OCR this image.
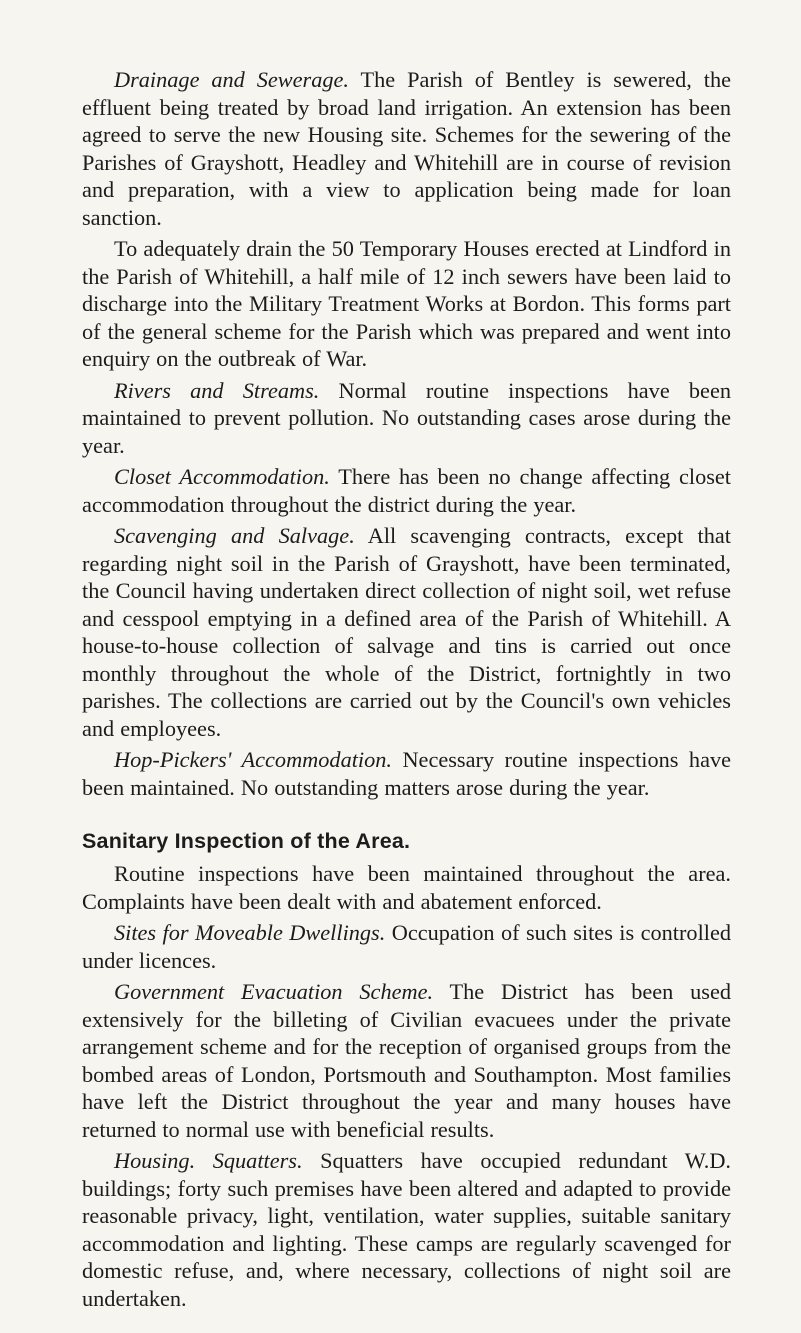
Drainage and Sewerage. The Parish of Bentley is sewered, the effluent being treated by broad land irrigation. An extension has been agreed to serve the new Housing site. Schemes for the sewering of the Parishes of Grayshott, Headley and Whitehill are in course of revision and preparation, with a view to application being made for loan sanction.

To adequately drain the 50 Temporary Houses erected at Lindford in the Parish of Whitehill, a half mile of 12 inch sewers have been laid to discharge into the Military Treatment Works at Bordon. This forms part of the general scheme for the Parish which was prepared and went into enquiry on the outbreak of War.

Rivers and Streams. Normal routine inspections have been maintained to prevent pollution. No outstanding cases arose during the year.

Closet Accommodation. There has been no change affecting closet accommodation throughout the district during the year.

Scavenging and Salvage. All scavenging contracts, except that regarding night soil in the Parish of Grayshott, have been terminated, the Council having undertaken direct collection of night soil, wet refuse and cesspool emptying in a defined area of the Parish of Whitehill. A house-to-house collection of salvage and tins is carried out once monthly throughout the whole of the District, fortnightly in two parishes. The collections are carried out by the Council's own vehicles and employees.

Hop-Pickers' Accommodation. Necessary routine inspections have been maintained. No outstanding matters arose during the year.

Sanitary Inspection of the Area.

Routine inspections have been maintained throughout the area. Complaints have been dealt with and abatement enforced.

Sites for Moveable Dwellings. Occupation of such sites is controlled under licences.

Government Evacuation Scheme. The District has been used extensively for the billeting of Civilian evacuees under the private arrangement scheme and for the reception of organised groups from the bombed areas of London, Portsmouth and Southampton. Most families have left the District throughout the year and many houses have returned to normal use with beneficial results.

Housing. Squatters. Squatters have occupied redundant W.D. buildings; forty such premises have been altered and adapted to provide reasonable privacy, light, ventilation, water supplies, suitable sanitary accommodation and lighting. These camps are regularly scavenged for domestic refuse, and, where necessary, collections of night soil are undertaken.
